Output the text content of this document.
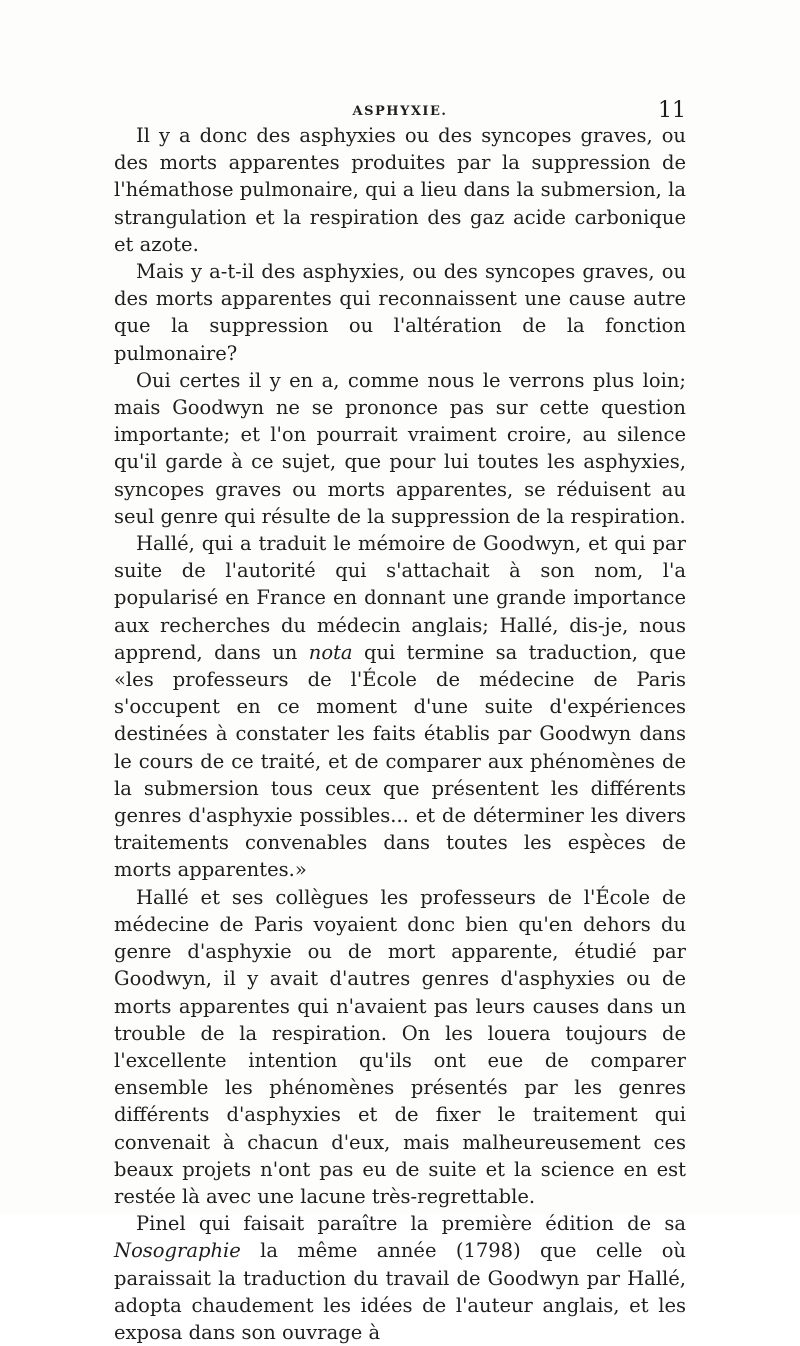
ASPHYXIE.	11

Il y a donc des asphyxies ou des syncopes graves, ou des morts apparentes produites par la suppression de l'hémathose pulmonaire, qui a lieu dans la submersion, la strangulation et la respiration des gaz acide carbonique et azote.

Mais y a-t-il des asphyxies, ou des syncopes graves, ou des morts apparentes qui reconnaissent une cause autre que la suppression ou l'altération de la fonction pulmonaire?

Oui certes il y en a, comme nous le verrons plus loin; mais Goodwyn ne se prononce pas sur cette question importante; et l'on pourrait vraiment croire, au silence qu'il garde à ce sujet, que pour lui toutes les asphyxies, syncopes graves ou morts apparentes, se réduisent au seul genre qui résulte de la suppression de la respiration.

Hallé, qui a traduit le mémoire de Goodwyn, et qui par suite de l'autorité qui s'attachait à son nom, l'a popularisé en France en donnant une grande importance aux recherches du médecin anglais; Hallé, dis-je, nous apprend, dans un nota qui termine sa traduction, que «les professeurs de l'École de médecine de Paris s'occupent en ce moment d'une suite d'expériences destinées à constater les faits établis par Goodwyn dans le cours de ce traité, et de comparer aux phénomènes de la submersion tous ceux que présentent les différents genres d'asphyxie possibles... et de déterminer les divers traitements convenables dans toutes les espèces de morts apparentes.»

Hallé et ses collègues les professeurs de l'École de médecine de Paris voyaient donc bien qu'en dehors du genre d'asphyxie ou de mort apparente, étudié par Goodwyn, il y avait d'autres genres d'asphyxies ou de morts apparentes qui n'avaient pas leurs causes dans un trouble de la respiration. On les louera toujours de l'excellente intention qu'ils ont eue de comparer ensemble les phénomènes présentés par les genres différents d'asphyxies et de fixer le traitement qui convenait à chacun d'eux, mais malheureusement ces beaux projets n'ont pas eu de suite et la science en est restée là avec une lacune très-regrettable.

Pinel qui faisait paraître la première édition de sa Nosographie la même année (1798) que celle où paraissait la traduction du travail de Goodwyn par Hallé, adopta chaudement les idées de l'auteur anglais, et les exposa dans son ouvrage à
